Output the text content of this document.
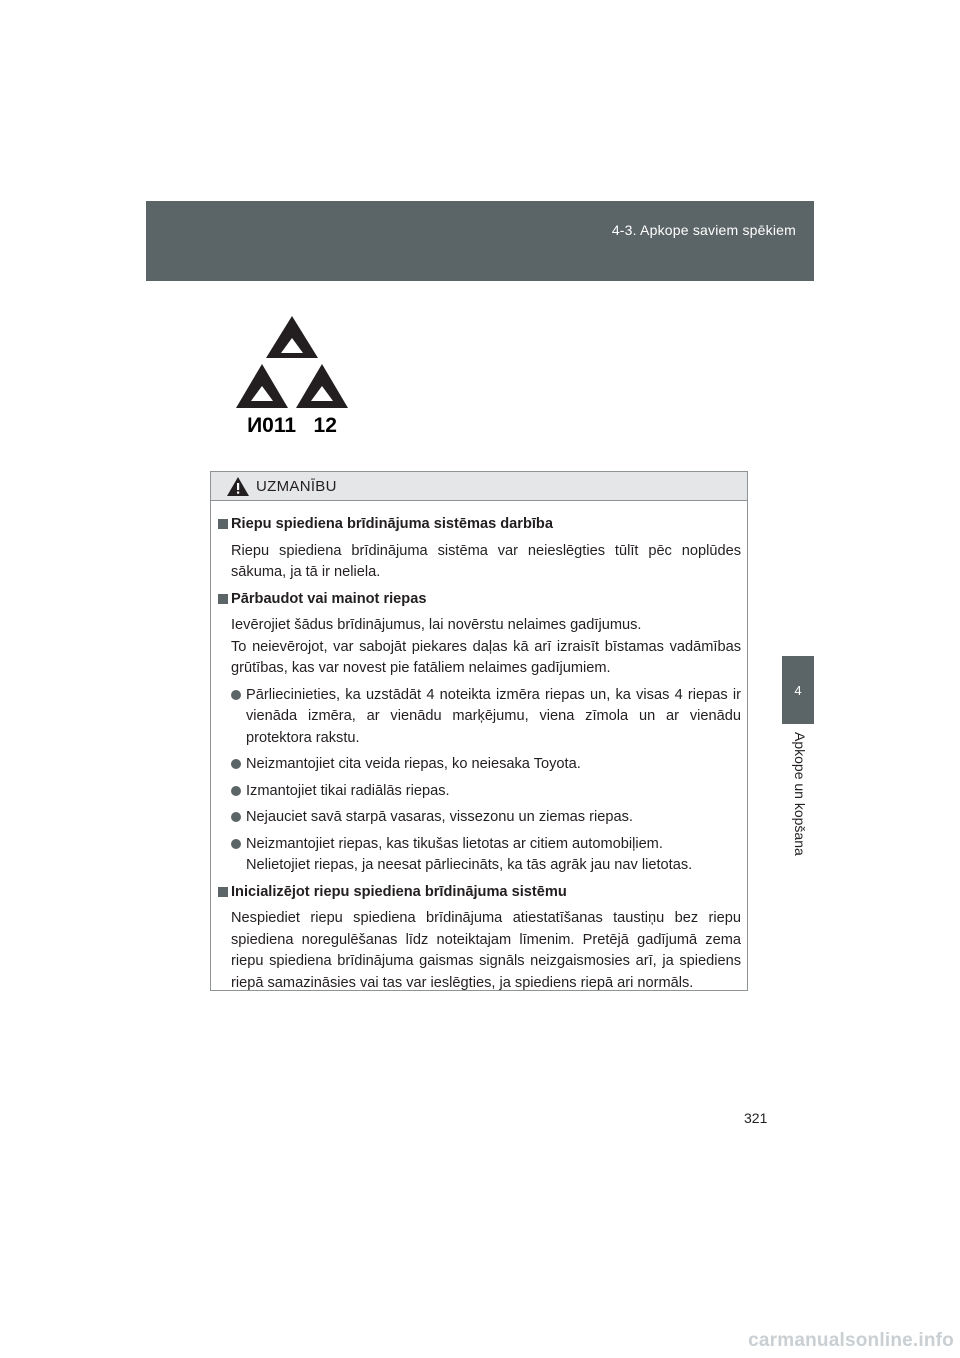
4-3. Apkope saviem spēkiem
4
Apkope un kopšana
И011   12
UZMANĪBU
Riepu spiediena brīdinājuma sistēmas darbība
Riepu spiediena brīdinājuma sistēma var neieslēgties tūlīt pēc noplūdes sākuma, ja tā ir neliela.
Pārbaudot vai mainot riepas
Ievērojiet šādus brīdinājumus, lai novērstu nelaimes gadījumus.
To neievērojot, var sabojāt piekares daļas kā arī izraisīt bīstamas vadāmības grūtības, kas var novest pie fatāliem nelaimes gadījumiem.
Pārliecinieties, ka uzstādāt 4 noteikta izmēra riepas un, ka visas 4 riepas ir vienāda izmēra, ar vienādu marķējumu, viena zīmola un ar vienādu protektora rakstu.
Neizmantojiet cita veida riepas, ko neiesaka Toyota.
Izmantojiet tikai radiālās riepas.
Nejauciet savā starpā vasaras, vissezonu un ziemas riepas.
Neizmantojiet riepas, kas tikušas lietotas ar citiem automobiļiem.
Nelietojiet riepas, ja neesat pārliecināts, ka tās agrāk jau nav lietotas.
Inicializējot riepu spiediena brīdinājuma sistēmu
Nespiediet riepu spiediena brīdinājuma atiestatīšanas taustiņu bez riepu spiediena noregulēšanas līdz noteiktajam līmenim. Pretējā gadījumā zema riepu spiediena brīdinājuma gaismas signāls neizgaismosies arī, ja spiediens riepā samazināsies vai tas var ieslēgties, ja spiediens riepā ari normāls.
321
carmanualsonline.info
